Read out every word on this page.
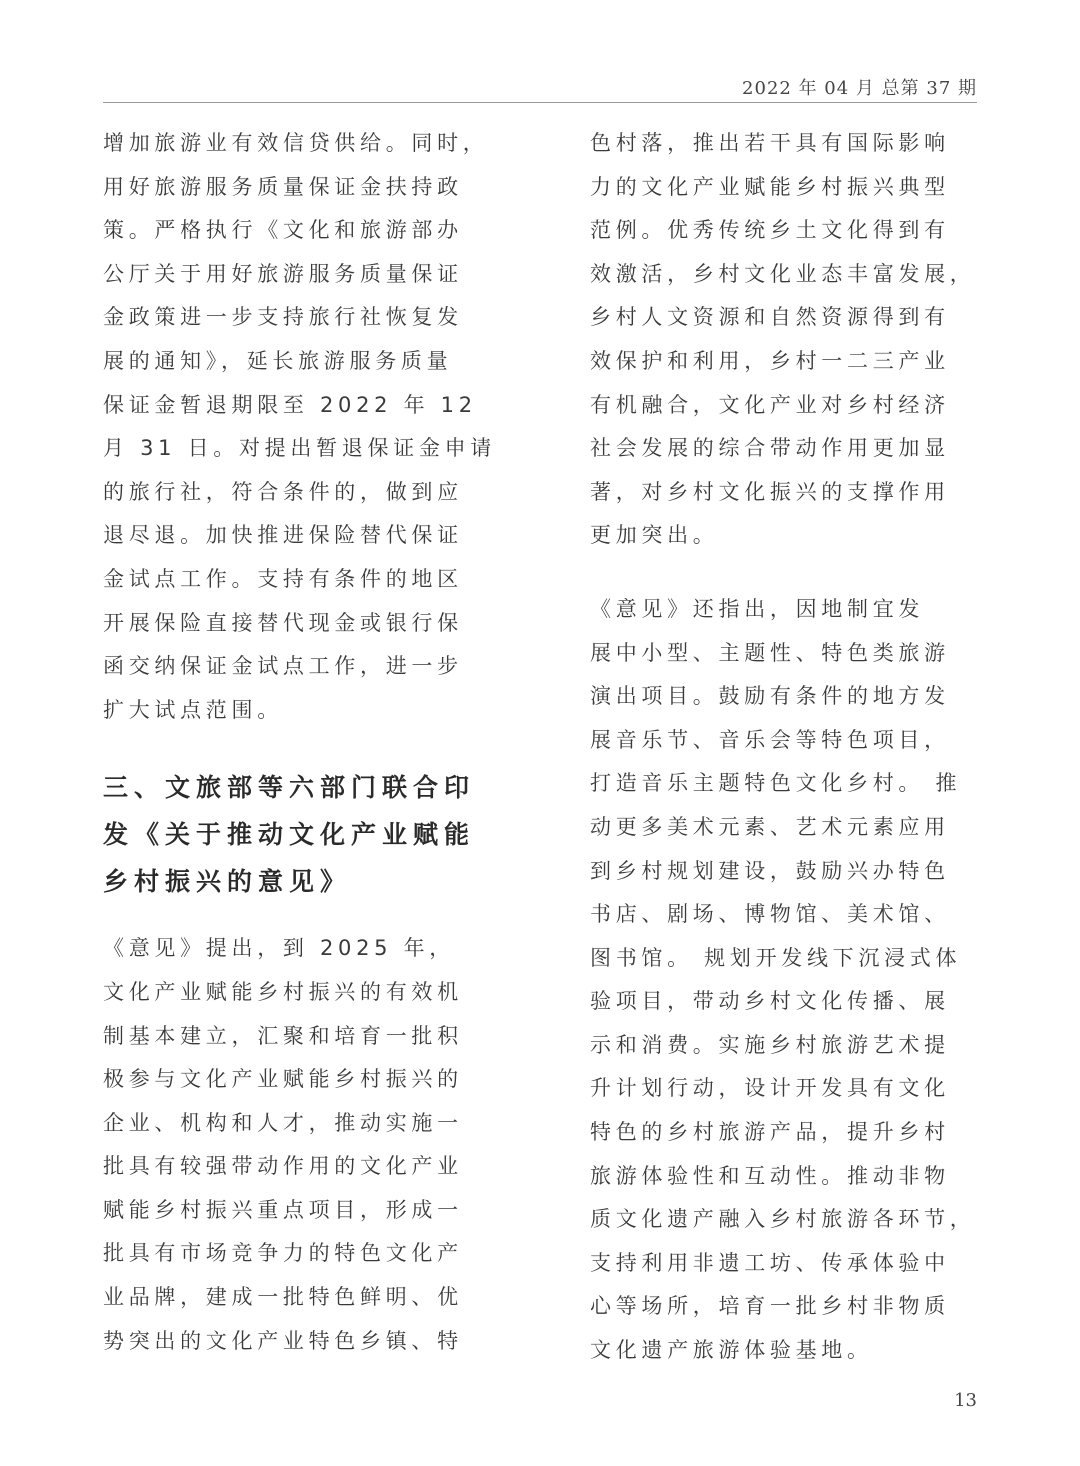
2022 年 04 月 总第 37 期
增加旅游业有效信贷供给。同时，
用好旅游服务质量保证金扶持政
策。严格执行《文化和旅游部办
公厅关于用好旅游服务质量保证
金政策进一步支持旅行社恢复发
展的通知》，延长旅游服务质量
保证金暂退期限至 2022 年 12
月 31 日。对提出暂退保证金申请
的旅行社，符合条件的，做到应
退尽退。加快推进保险替代保证
金试点工作。支持有条件的地区
开展保险直接替代现金或银行保
函交纳保证金试点工作，进一步
扩大试点范围。
三、文旅部等六部门联合印
发《关于推动文化产业赋能
乡村振兴的意见》
《意见》提出，到 2025 年，
文化产业赋能乡村振兴的有效机
制基本建立，汇聚和培育一批积
极参与文化产业赋能乡村振兴的
企业、机构和人才，推动实施一
批具有较强带动作用的文化产业
赋能乡村振兴重点项目，形成一
批具有市场竞争力的特色文化产
业品牌，建成一批特色鲜明、优
势突出的文化产业特色乡镇、特
色村落，推出若干具有国际影响
力的文化产业赋能乡村振兴典型
范例。优秀传统乡土文化得到有
效激活，乡村文化业态丰富发展，
乡村人文资源和自然资源得到有
效保护和利用，乡村一二三产业
有机融合，文化产业对乡村经济
社会发展的综合带动作用更加显
著，对乡村文化振兴的支撑作用
更加突出。
《意见》还指出，因地制宜发
展中小型、主题性、特色类旅游
演出项目。鼓励有条件的地方发
展音乐节、音乐会等特色项目，
打造音乐主题特色文化乡村。 推
动更多美术元素、艺术元素应用
到乡村规划建设，鼓励兴办特色
书店、剧场、博物馆、美术馆、
图书馆。 规划开发线下沉浸式体
验项目，带动乡村文化传播、展
示和消费。实施乡村旅游艺术提
升计划行动，设计开发具有文化
特色的乡村旅游产品，提升乡村
旅游体验性和互动性。推动非物
质文化遗产融入乡村旅游各环节，
支持利用非遗工坊、传承体验中
心等场所，培育一批乡村非物质
文化遗产旅游体验基地。
13
